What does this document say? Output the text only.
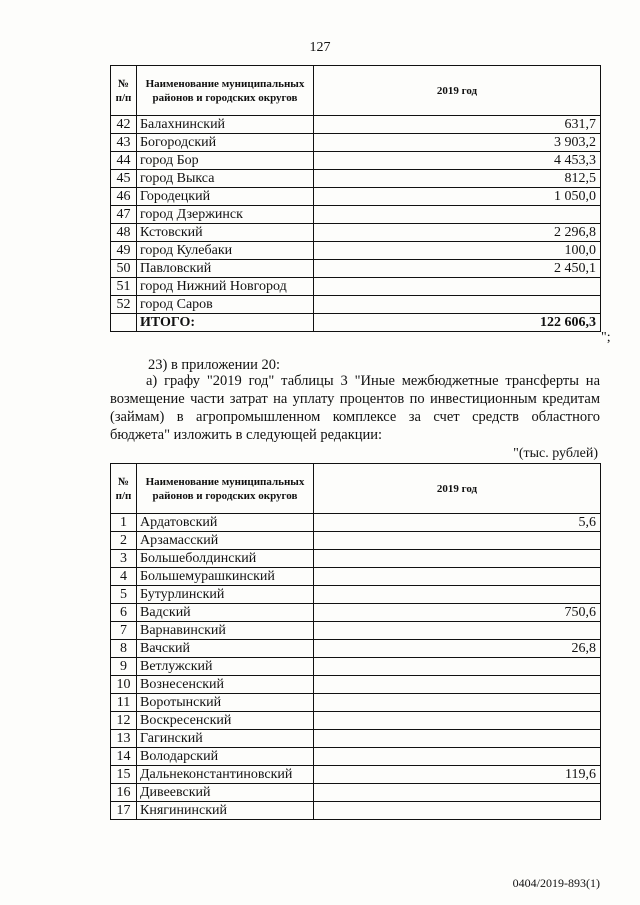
127
№ п/п	Наименование муниципальных районов и городских округов	2019 год
42	Балахнинский	631,7
43	Богородский	3 903,2
44	город Бор	4 453,3
45	город Выкса	812,5
46	Городецкий	1 050,0
47	город Дзержинск	
48	Кстовский	2 296,8
49	город Кулебаки	100,0
50	Павловский	2 450,1
51	город Нижний Новгород	
52	город Саров	
	ИТОГО:	122 606,3
";
23) в приложении 20:
а) графу "2019 год" таблицы 3 "Иные межбюджетные трансферты на возмещение части затрат на уплату процентов по инвестиционным кредитам (займам) в агропромышленном комплексе за счет средств областного бюджета" изложить в следующей редакции:
"(тыс. рублей)
№ п/п	Наименование муниципальных районов и городских округов	2019 год
1	Ардатовский	5,6
2	Арзамасский	
3	Большеболдинский	
4	Большемурашкинский	
5	Бутурлинский	
6	Вадский	750,6
7	Варнавинский	
8	Вачский	26,8
9	Ветлужский	
10	Вознесенский	
11	Воротынский	
12	Воскресенский	
13	Гагинский	
14	Володарский	
15	Дальнеконстантиновский	119,6
16	Дивеевский	
17	Княгининский	
0404/2019-893(1)
